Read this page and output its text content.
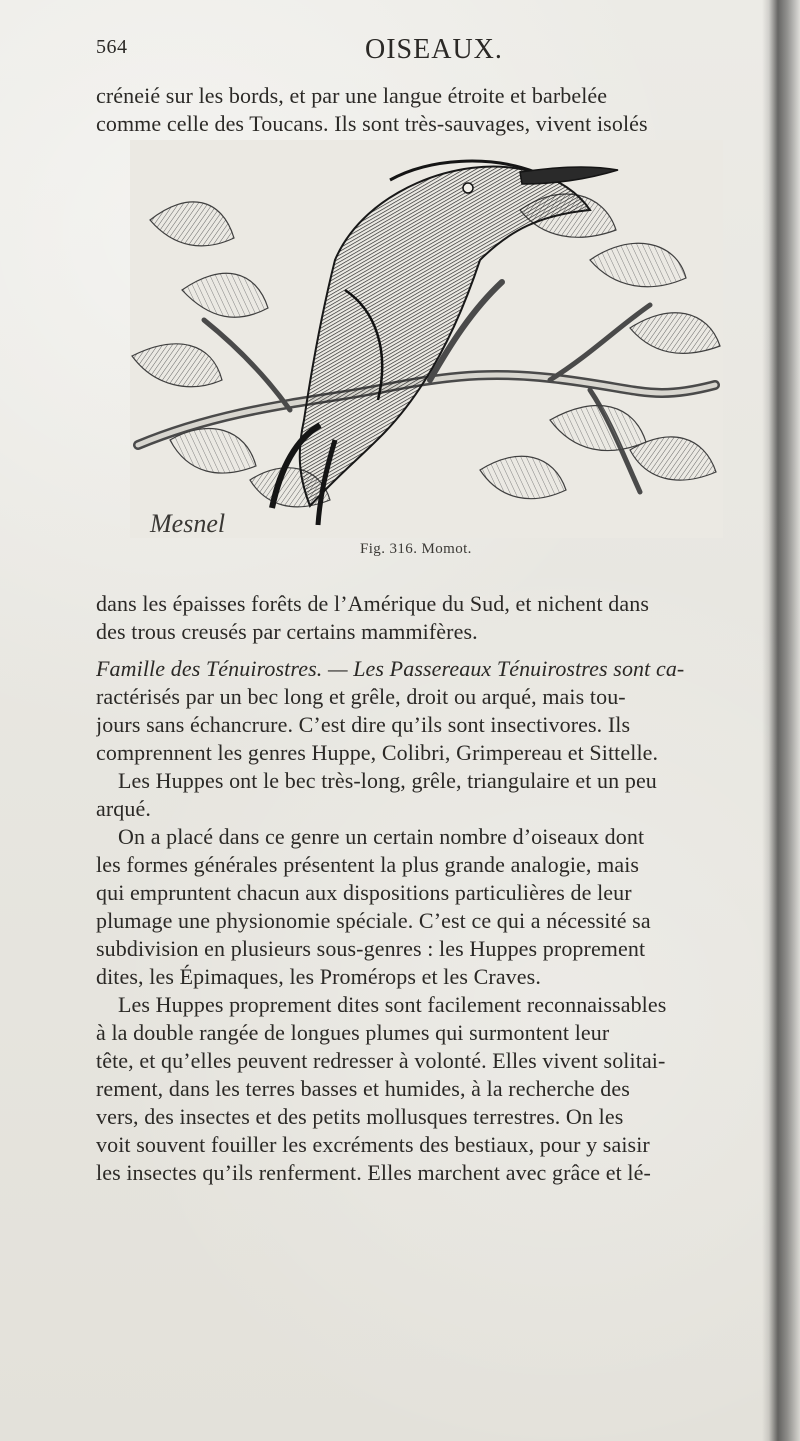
564	OISEAUX.
créneié sur les bords, et par une langue étroite et barbelée
comme celle des Toucans. Ils sont très-sauvages, vivent isolés
Mesnel
Fig. 316. Momot.
dans les épaisses forêts de l’Amérique du Sud, et nichent dans
des trous creusés par certains mammifères.
Famille des Ténuirostres. — Les Passereaux Ténuirostres sont ca-
ractérisés par un bec long et grêle, droit ou arqué, mais tou-
jours sans échancrure. C’est dire qu’ils sont insectivores. Ils
comprennent les genres Huppe, Colibri, Grimpereau et Sittelle.
Les Huppes ont le bec très-long, grêle, triangulaire et un peu
arqué.
On a placé dans ce genre un certain nombre d’oiseaux dont
les formes générales présentent la plus grande analogie, mais
qui empruntent chacun aux dispositions particulières de leur
plumage une physionomie spéciale. C’est ce qui a nécessité sa
subdivision en plusieurs sous-genres : les Huppes proprement
dites, les Épimaques, les Promérops et les Craves.
Les Huppes proprement dites sont facilement reconnaissables
à la double rangée de longues plumes qui surmontent leur
tête, et qu’elles peuvent redresser à volonté. Elles vivent solitai-
rement, dans les terres basses et humides, à la recherche des
vers, des insectes et des petits mollusques terrestres. On les
voit souvent fouiller les excréments des bestiaux, pour y saisir
les insectes qu’ils renferment. Elles marchent avec grâce et lé-
